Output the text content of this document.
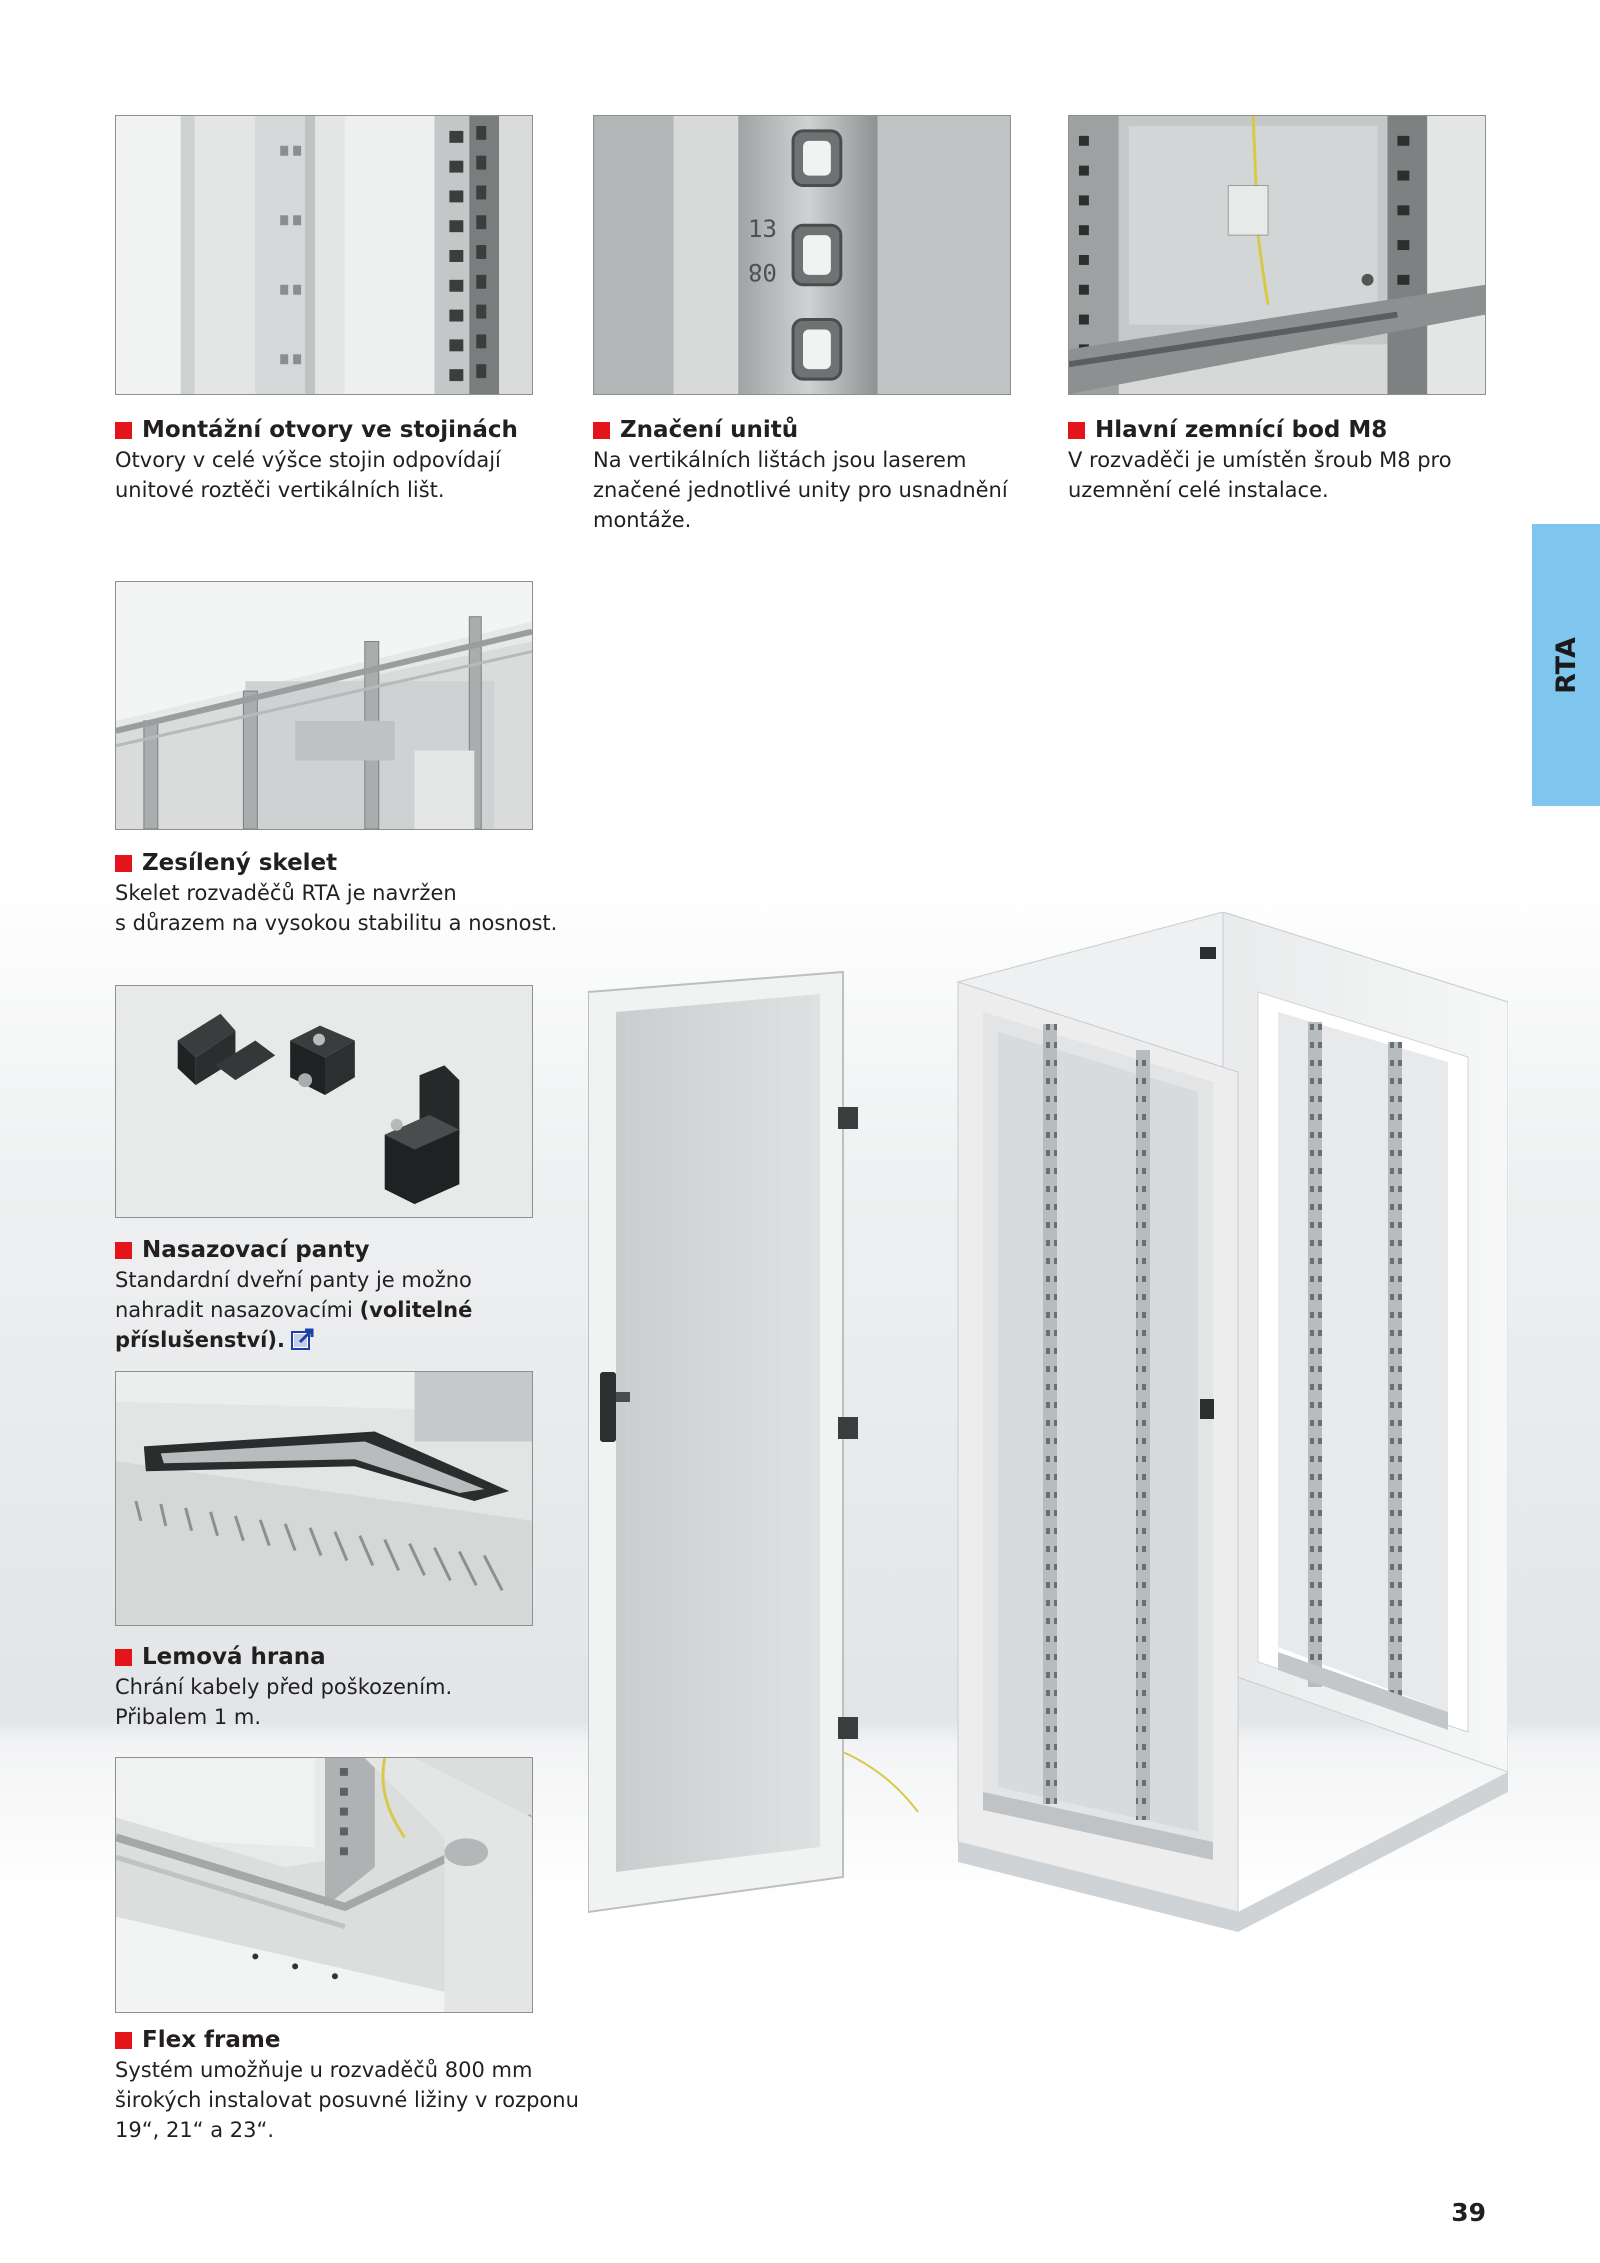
13
08
Montážní otvory ve stojinách
Otvory v celé výšce stojin odpovídají
unitové roztěči vertikálních lišt.
Značení unitů
Na vertikálních lištách jsou laserem
značené jednotlivé unity pro usnadnění
montáže.
Hlavní zemnící bod M8
V rozvaděči je umístěn šroub M8 pro
uzemnění celé instalace.
RTA
Zesílený skelet
Skelet rozvaděčů RTA je navržen
s důrazem na vysokou stabilitu a nosnost.
Nasazovací panty
Standardní dveřní panty je možno
nahradit nasazovacími (volitelné
příslušenství).
Lemová hrana
Chrání kabely před poškozením.
Přibalem 1 m.
Flex frame
Systém umožňuje u rozvaděčů 800 mm
širokých instalovat posuvné ližiny v rozponu
19“, 21“ a 23“.
39
